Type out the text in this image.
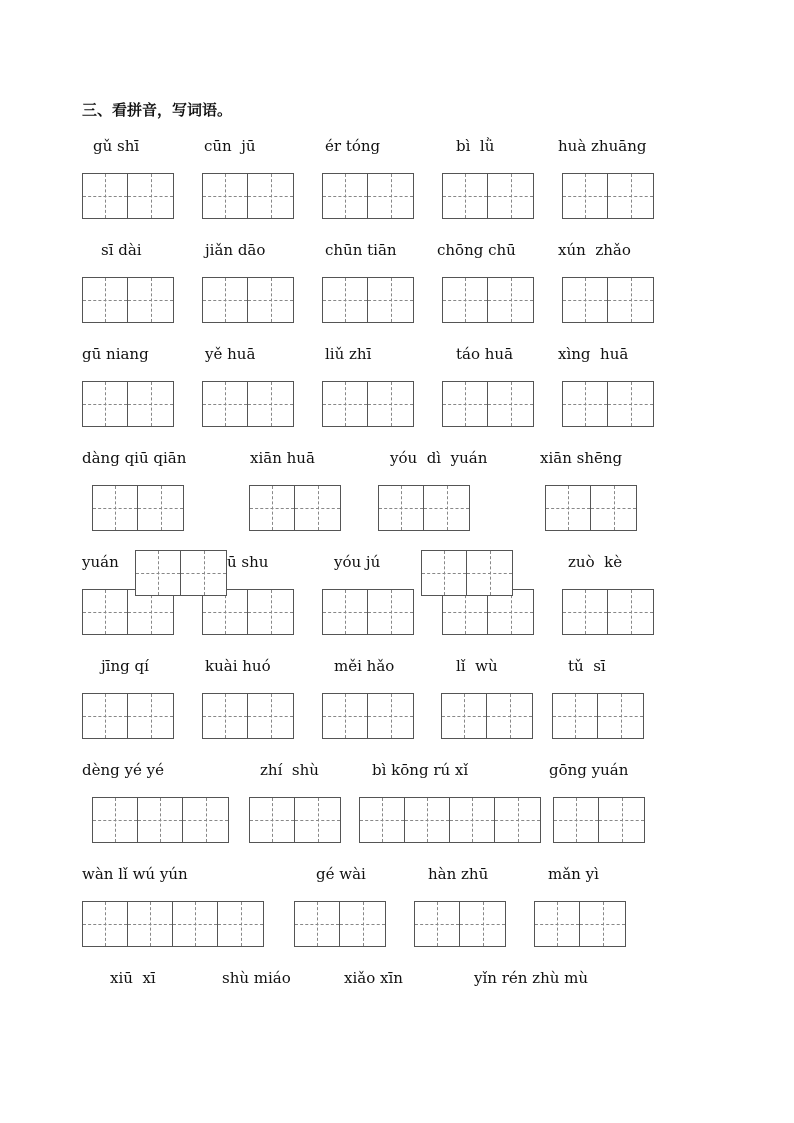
三、看拼音，写词语。
gǔ shī	cūn  jū	ér tóng	bì  lǜ	huà zhuāng
sī dài	jiǎn dāo	chūn tiān	chōng chū	xún  zhǎo
gū niang	yě huā	liǔ zhī	táo huā	xìng  huā
dàng qiū qiān	xiān huā	yóu  dì  yuán	xiān shēng
yuán	ū shu	yóu jú	zuò  kè
jīng qí	kuài huó	měi hǎo	lǐ  wù	tǔ  sī
dèng yé yé	zhí  shù	bì kōng rú xǐ	gōng yuán
wàn lǐ wú yún	gé wài	hàn zhū	mǎn yì
xiū  xī	shù miáo	xiǎo xīn	yǐn rén zhù mù
